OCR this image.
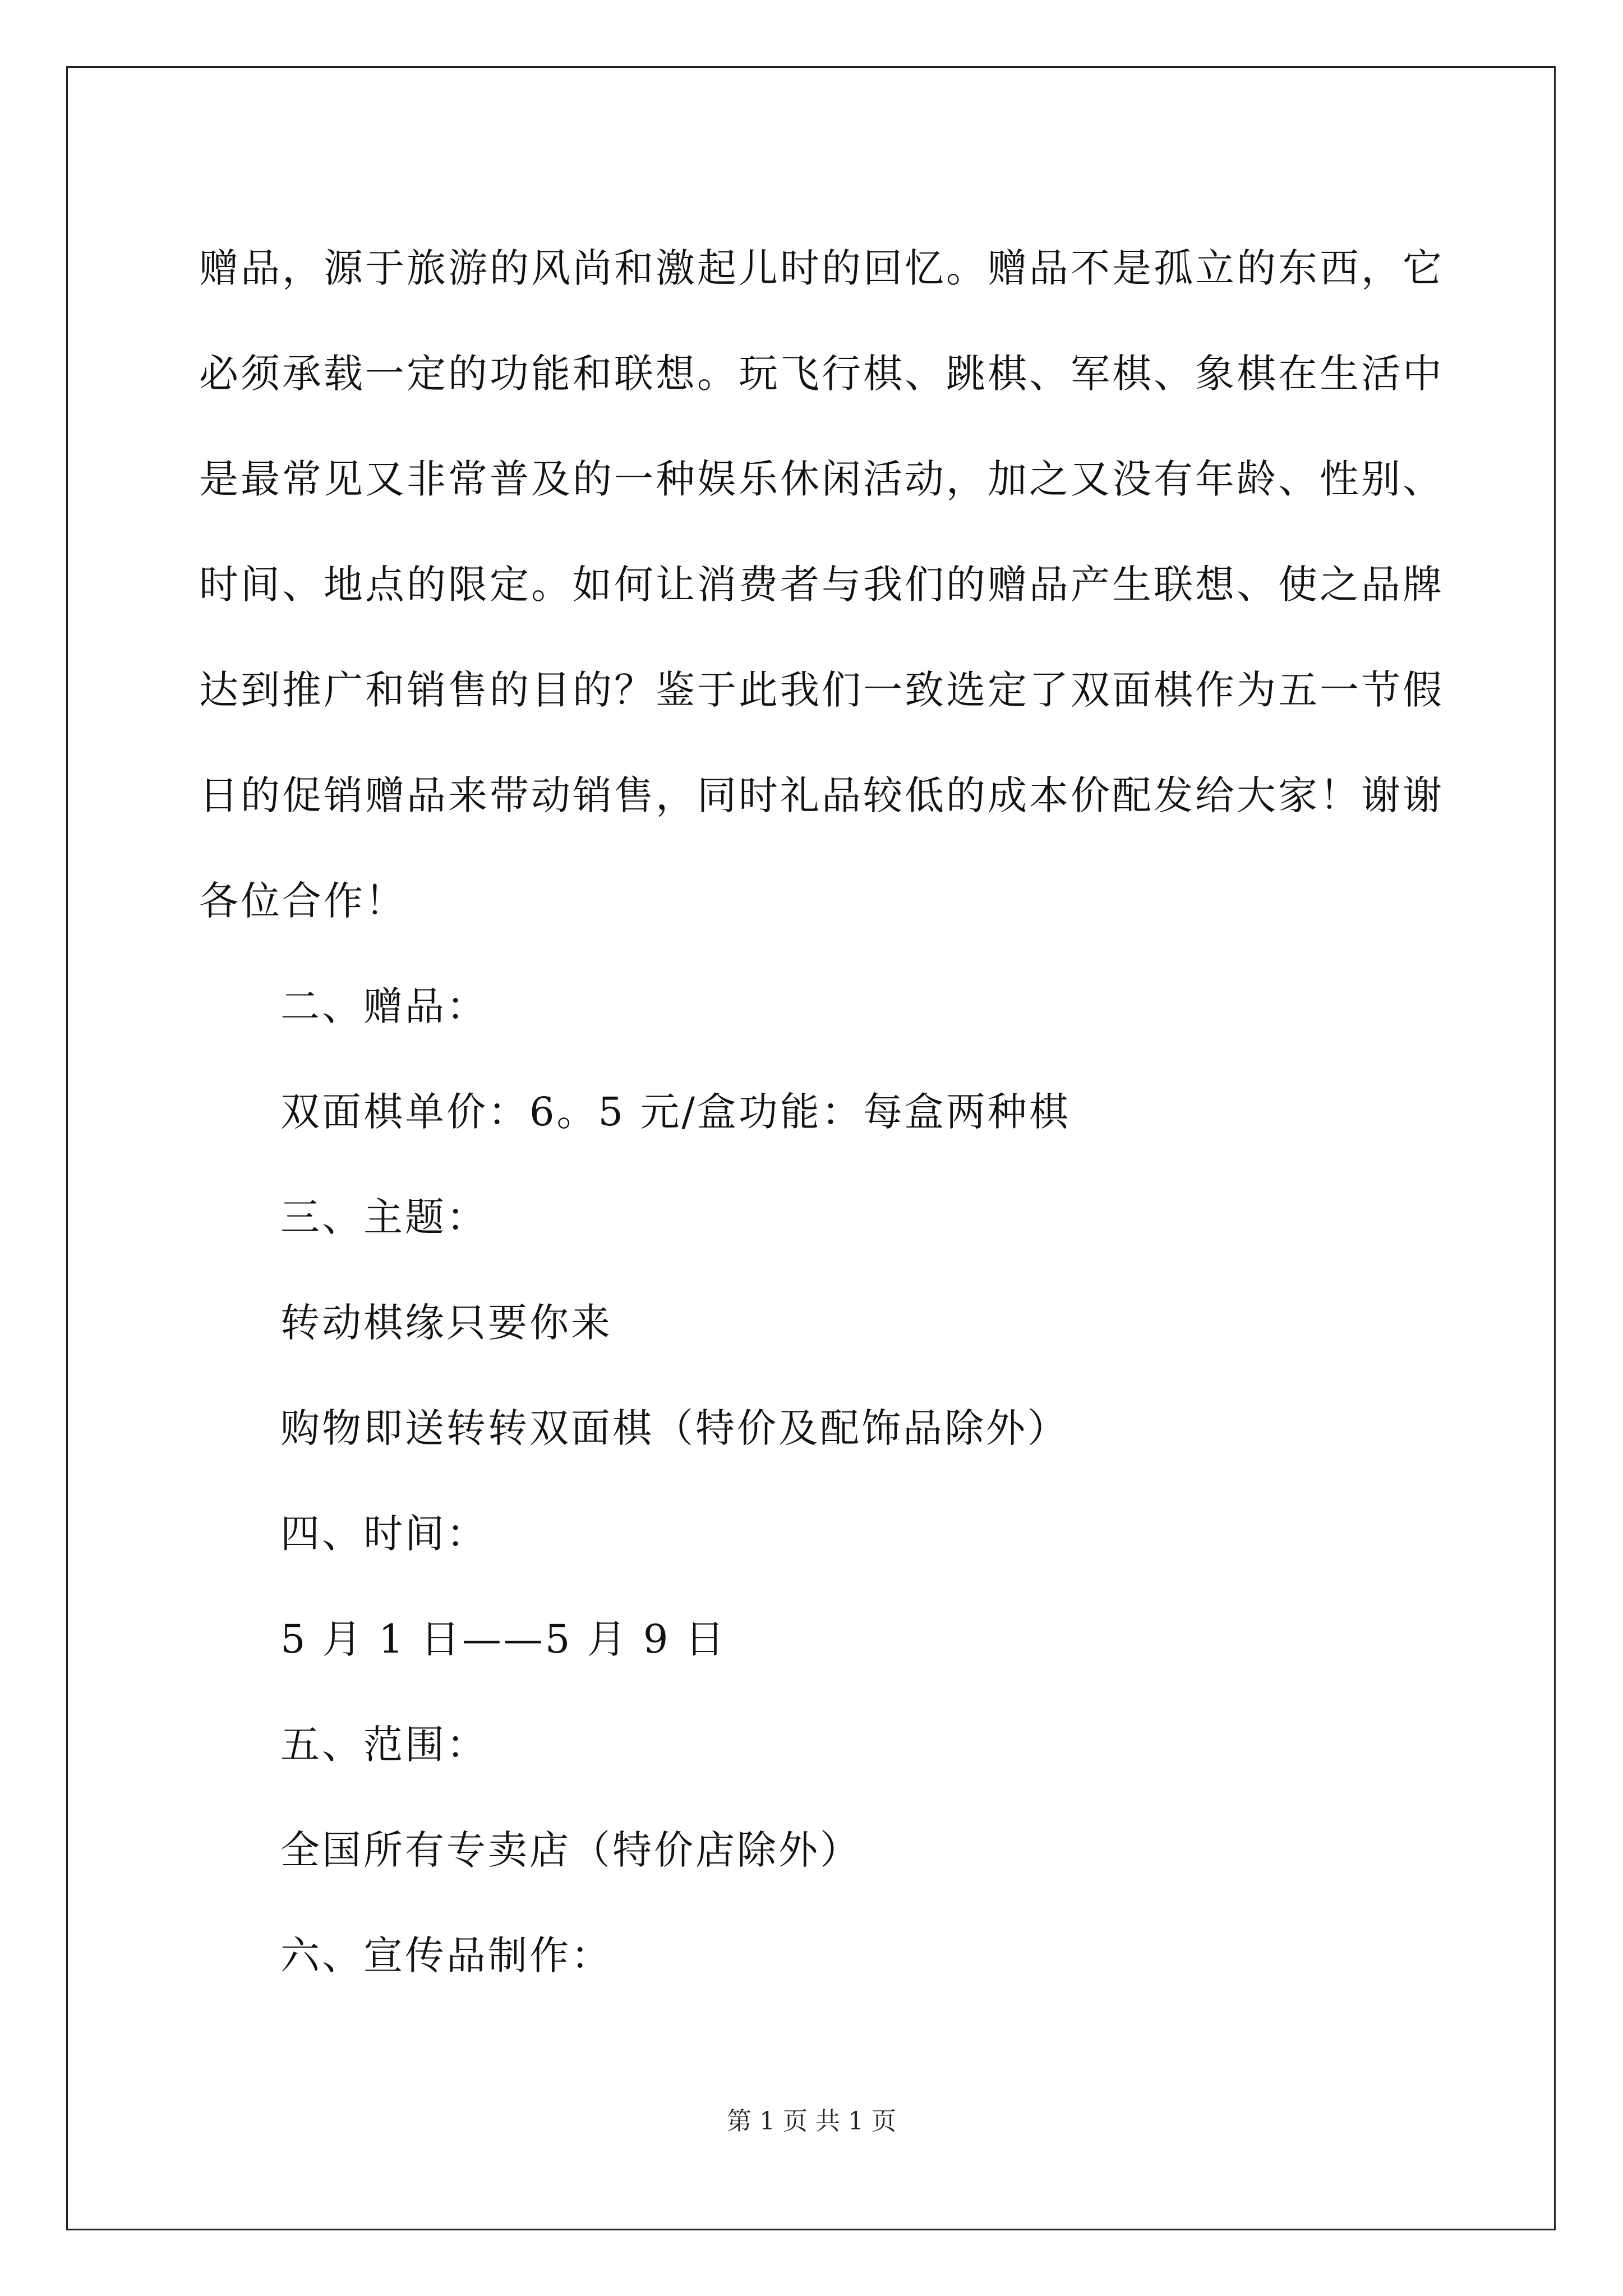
赠品，源于旅游的风尚和激起儿时的回忆。赠品不是孤立的东西，它
必须承载一定的功能和联想。玩飞行棋、跳棋、军棋、象棋在生活中
是最常见又非常普及的一种娱乐休闲活动，加之又没有年龄、性别、
时间、地点的限定。如何让消费者与我们的赠品产生联想、使之品牌
达到推广和销售的目的？鉴于此我们一致选定了双面棋作为五一节假
日的促销赠品来带动销售，同时礼品较低的成本价配发给大家！谢谢
各位合作！

二、赠品：

双面棋单价：6。5 元/盒功能：每盒两种棋

三、主题：

转动棋缘只要你来

购物即送转转双面棋（特价及配饰品除外）

四、时间：

5 月 1 日——5 月 9 日

五、范围：

全国所有专卖店（特价店除外）

六、宣传品制作：

第 1 页 共 1 页
